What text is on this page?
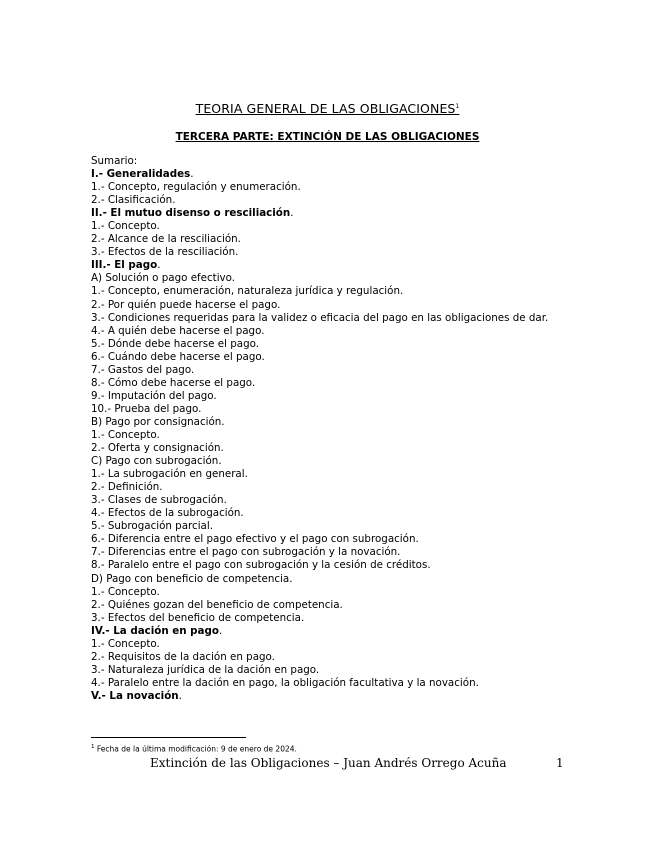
TEORIA GENERAL DE LAS OBLIGACIONES$^1$
TERCERA PARTE: EXTINCIÓN DE LAS OBLIGACIONES
Sumario:
I.- Generalidades.
1.- Concepto, regulación y enumeración.
2.- Clasificación.
II.- El mutuo disenso o resciliación.
1.- Concepto.
2.- Alcance de la resciliación.
3.- Efectos de la resciliación.
III.- El pago.
A) Solución o pago efectivo.
1.- Concepto, enumeración, naturaleza jurídica y regulación.
2.- Por quién puede hacerse el pago.
3.- Condiciones requeridas para la validez o eficacia del pago en las obligaciones de dar.
4.- A quién debe hacerse el pago.
5.- Dónde debe hacerse el pago.
6.- Cuándo debe hacerse el pago.
7.- Gastos del pago.
8.- Cómo debe hacerse el pago.
9.- Imputación del pago.
10.- Prueba del pago.
B) Pago por consignación.
1.- Concepto.
2.- Oferta y consignación.
C) Pago con subrogación.
1.- La subrogación en general.
2.- Definición.
3.- Clases de subrogación.
4.- Efectos de la subrogación.
5.- Subrogación parcial.
6.- Diferencia entre el pago efectivo y el pago con subrogación.
7.- Diferencias entre el pago con subrogación y la novación.
8.- Paralelo entre el pago con subrogación y la cesión de créditos.
D) Pago con beneficio de competencia.
1.- Concepto.
2.- Quiénes gozan del beneficio de competencia.
3.- Efectos del beneficio de competencia.
IV.- La dación en pago.
1.- Concepto.
2.- Requisitos de la dación en pago.
3.- Naturaleza jurídica de la dación en pago.
4.- Paralelo entre la dación en pago, la obligación facultativa y la novación.
V.- La novación.
$^1$ Fecha de la última modificación: 9 de enero de 2024.
Extinción de las Obligaciones – Juan Andrés Orrego Acuña	1
